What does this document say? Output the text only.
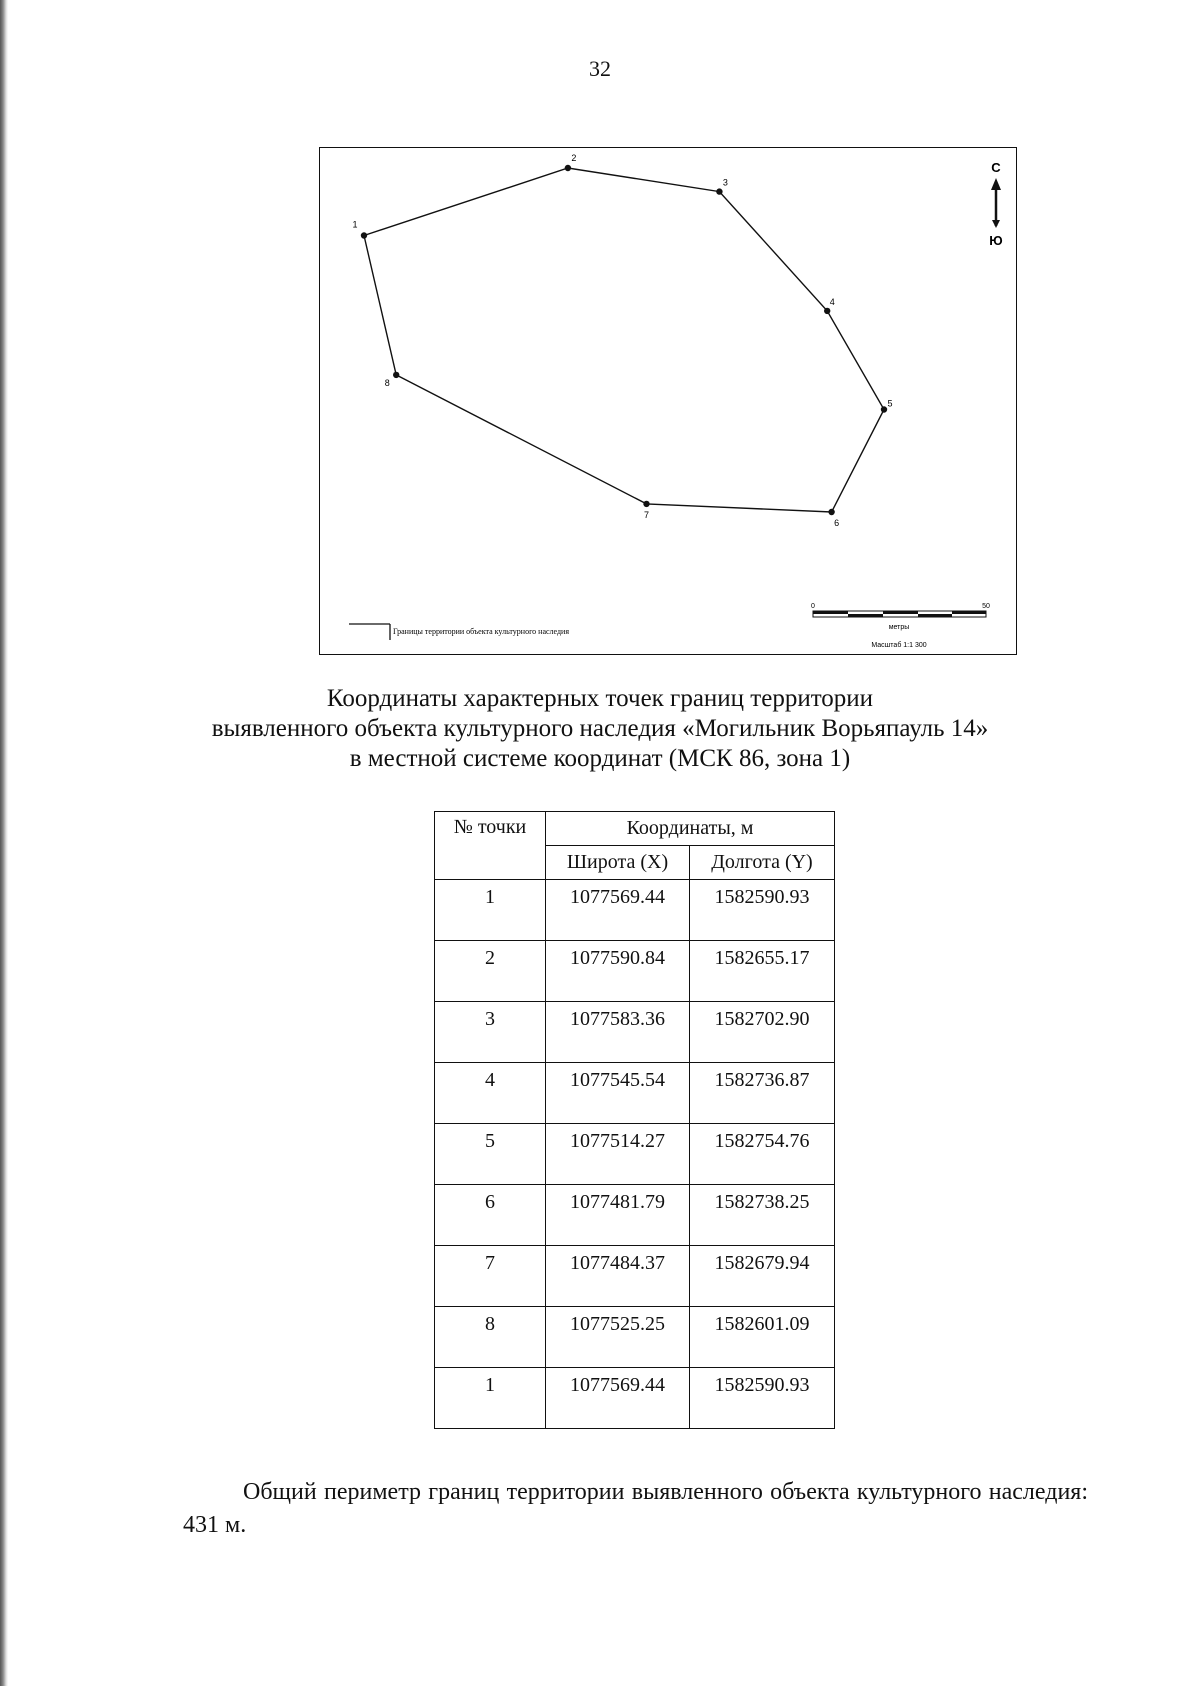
32
1
2
3
4
5
6
7
8
С
Ю
Границы территории объекта культурного наследия
0	50
метры
Масштаб 1:1 300
Координаты характерных точек границ территории
выявленного объекта культурного наследия «Могильник Ворьяпауль 14»
в местной системе координат (МСК 86, зона 1)
№ точки	Координаты, м	
	Широта (X)	Долгота (Y)
1	1077569.44	1582590.93
2	1077590.84	1582655.17
3	1077583.36	1582702.90
4	1077545.54	1582736.87
5	1077514.27	1582754.76
6	1077481.79	1582738.25
7	1077484.37	1582679.94
8	1077525.25	1582601.09
1	1077569.44	1582590.93
Общий периметр границ территории выявленного объекта культурного наследия: 431 м.
